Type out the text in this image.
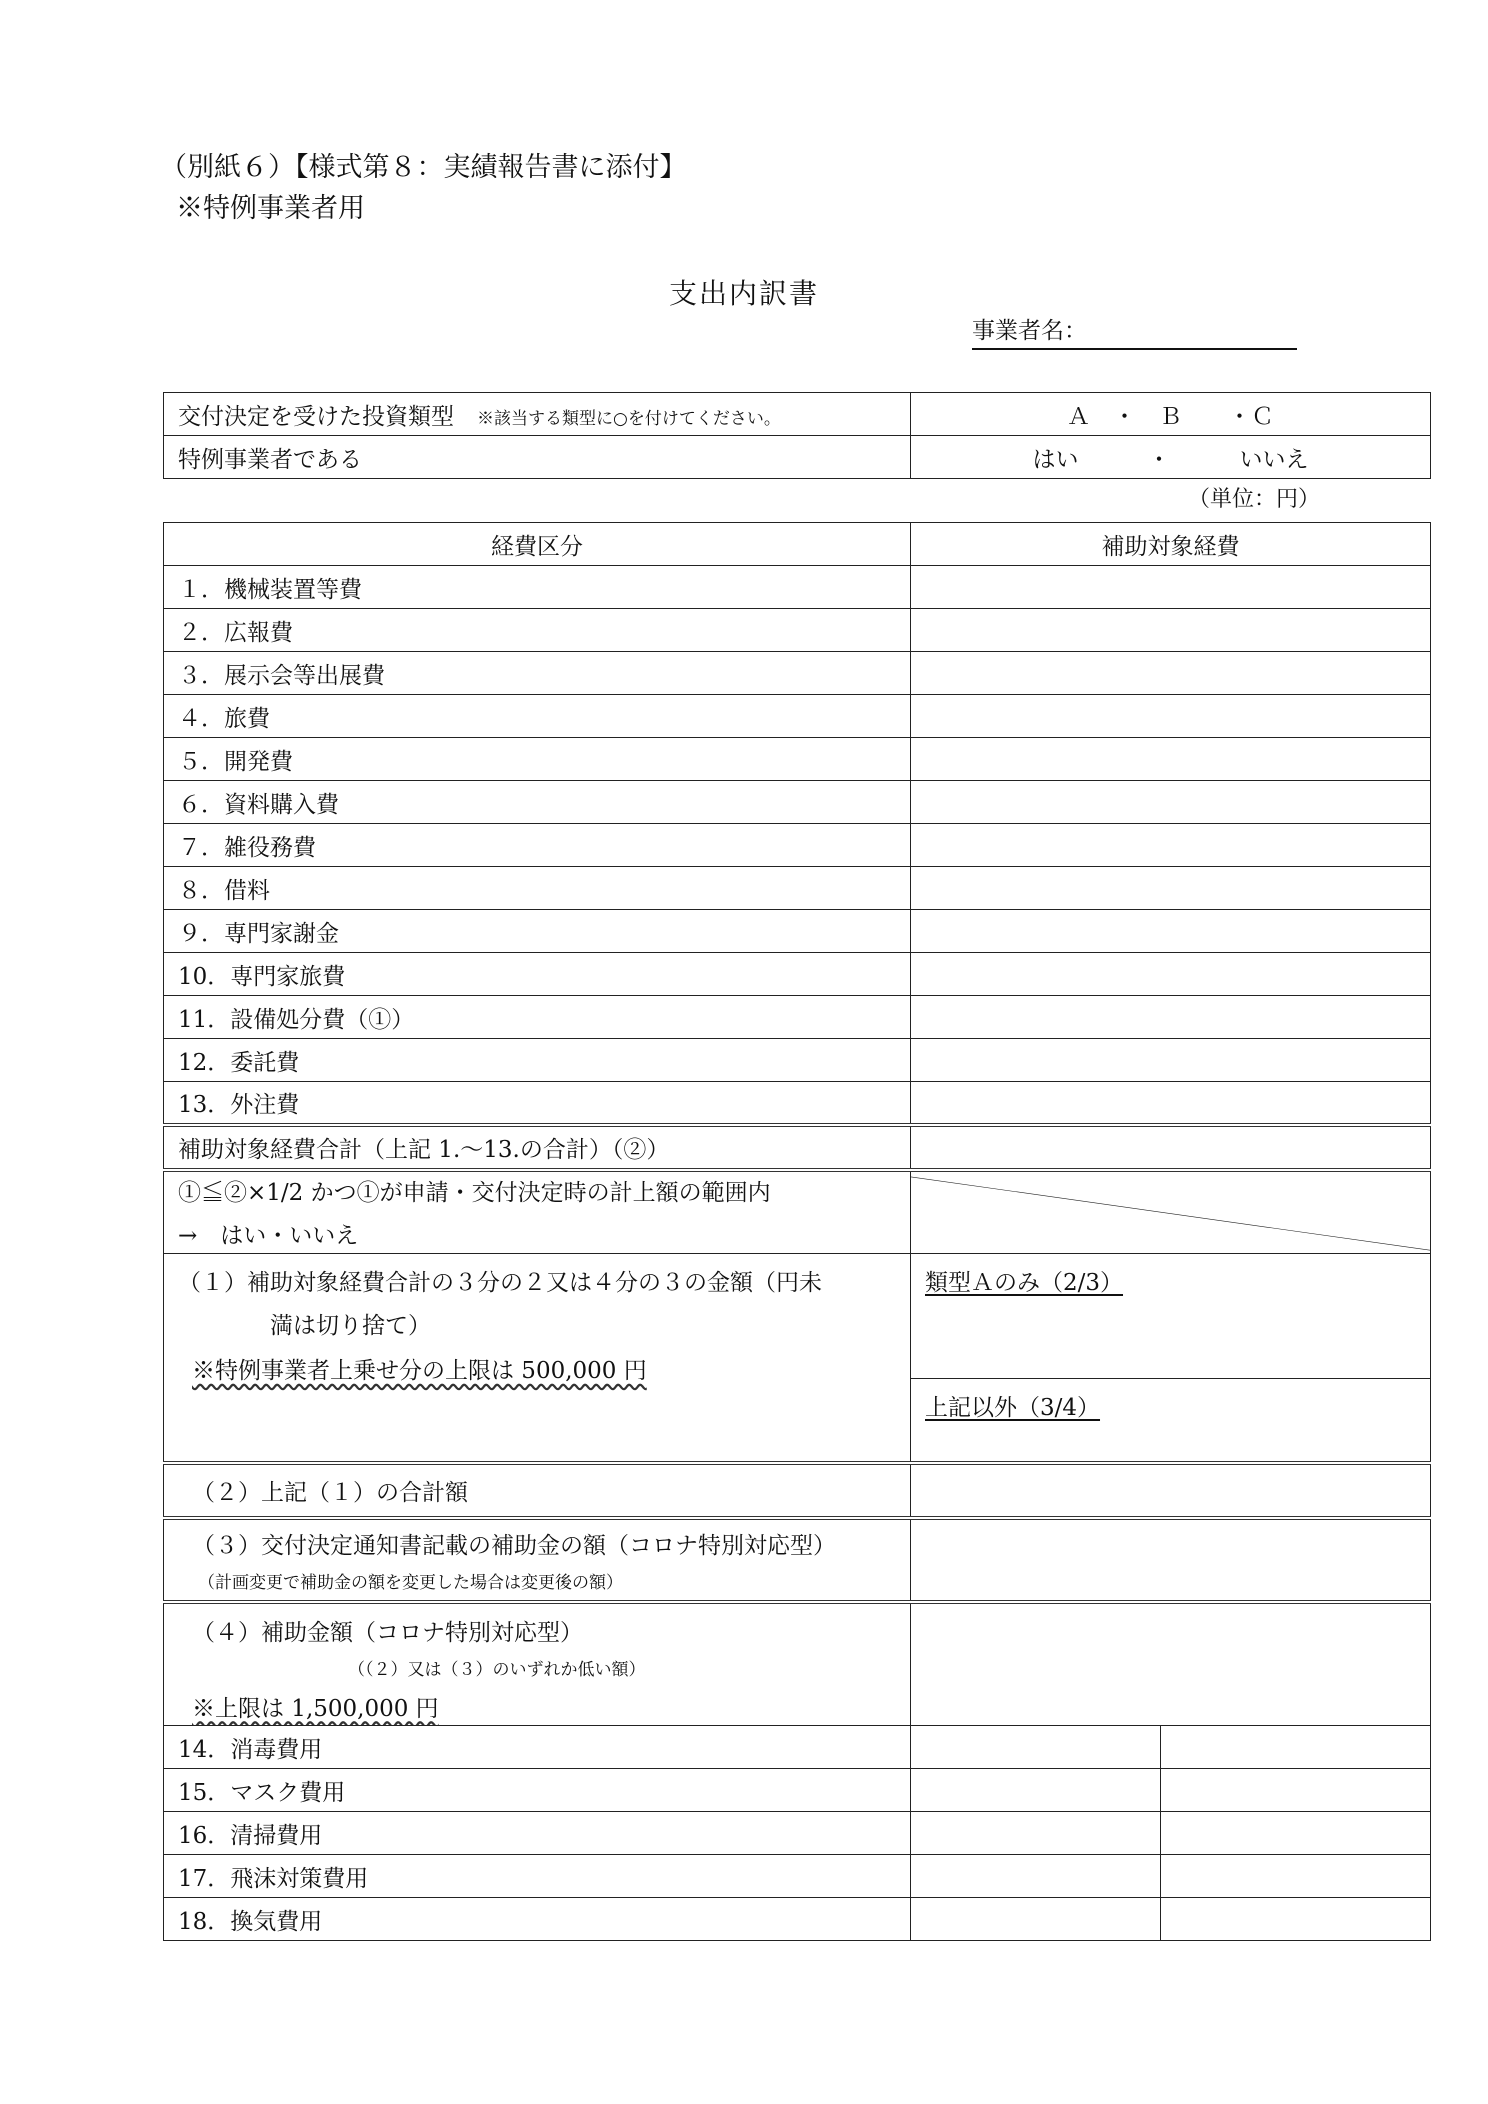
（別紙６）【様式第８：実績報告書に添付】
※特例事業者用
支出内訳書
事業者名：
交付決定を受けた投資類型　 ※該当する類型に○を付けてください。	Ａ　・　Ｂ　　・Ｃ
特例事業者である	はい　　　・　　　いいえ
（単位：円）
経費区分	補助対象経費	
１．機械装置等費		
２．広報費		
３．展示会等出展費		
４．旅費		
５．開発費		
６．資料購入費		
７．雑役務費		
８．借料		
９．専門家謝金		
10．専門家旅費		
11．設備処分費（①）		
12．委託費		
13．外注費		
補助対象経費合計（上記 1.～13.の合計）（②）		

①≦②×1/2 かつ①が申請・交付決定時の計上額の範囲内
→　はい・いいえ

（１）補助対象経費合計の３分の２又は４分の３の金額（円未
満は切り捨て）
※特例事業者上乗せ分の上限は 500,000 円	類型Ａのみ（2/3）	
	上記以外（3/4）	
（２）上記（１）の合計額		

（３）交付決定通知書記載の補助金の額（コロナ特別対応型）
（計画変更で補助金の額を変更した場合は変更後の額）		

（４）補助金額（コロナ特別対応型）
（（２）又は（３）のいずれか低い額）
※上限は 1,500,000 円		

14．消毒費用		
15．マスク費用		
16．清掃費用		
17．飛沫対策費用		
18．換気費用		
